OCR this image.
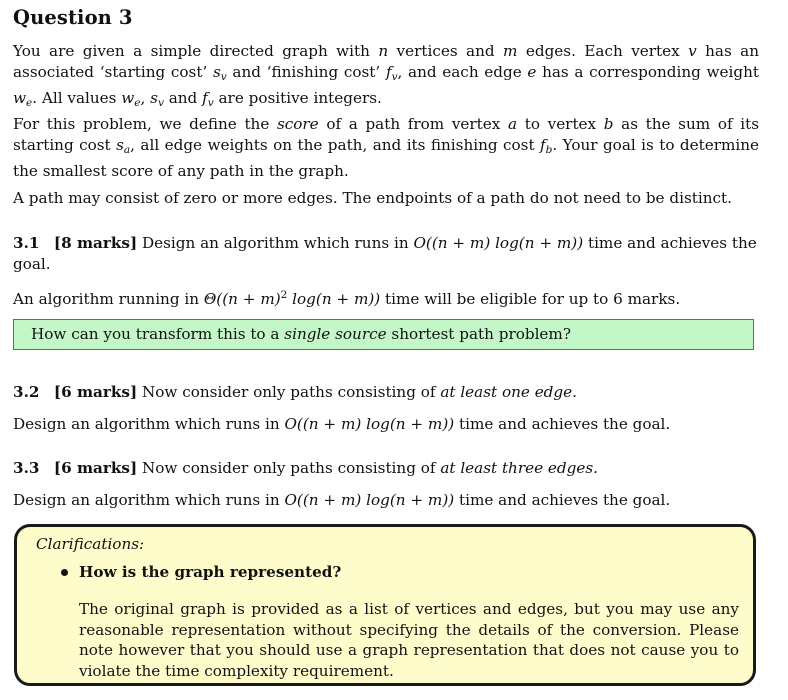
Question 3
You are given a simple directed graph with n vertices and m edges. Each vertex v has an associated ‘starting cost’ $s_v$ and ‘finishing cost’ $f_v$, and each edge e has a corresponding weight $w_e$. All values $w_e$, $s_v$ and $f_v$ are positive integers.
For this problem, we define the score of a path from vertex a to vertex b as the sum of its starting cost $s_a$, all edge weights on the path, and its finishing cost $f_b$. Your goal is to determine the smallest score of any path in the graph.
A path may consist of zero or more edges. The endpoints of a path do not need to be distinct.
3.1 [8 marks] Design an algorithm which runs in O((n + m) log(n + m)) time and achieves the goal.
An algorithm running in $\Theta((n + m)^2$ log(n + m)) time will be eligible for up to 6 marks.
How can you transform this to a single source shortest path problem?
3.2 [6 marks] Now consider only paths consisting of at least one edge.
Design an algorithm which runs in O((n + m) log(n + m)) time and achieves the goal.
3.3 [6 marks] Now consider only paths consisting of at least three edges.
Design an algorithm which runs in O((n + m) log(n + m)) time and achieves the goal.
Clarifications:
How is the graph represented?
The original graph is provided as a list of vertices and edges, but you may use any reasonable representation without specifying the details of the conversion. Please note however that you should use a graph representation that does not cause you to violate the time complexity requirement.
